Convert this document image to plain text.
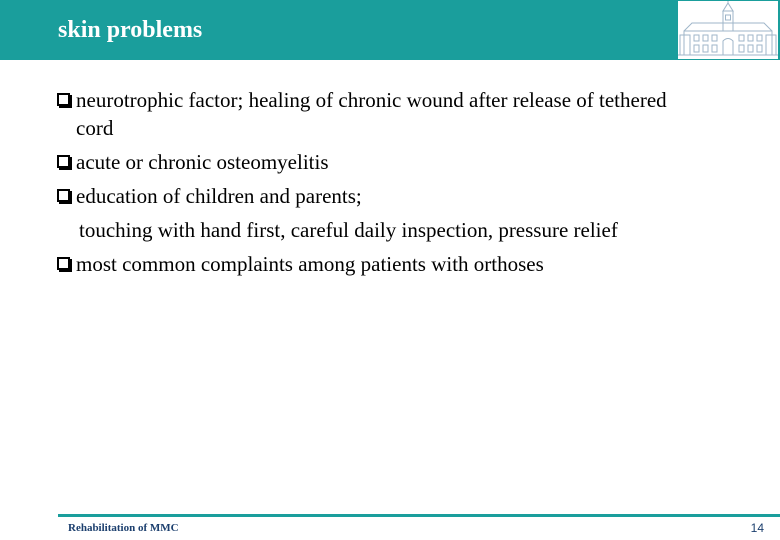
skin problems
neurotrophic factor; healing of chronic wound after release of tethered
cord
acute or chronic osteomyelitis
education of children and parents;
touching with hand first, careful daily inspection, pressure relief
most common complaints among patients with orthoses
Rehabilitation of MMC	14
